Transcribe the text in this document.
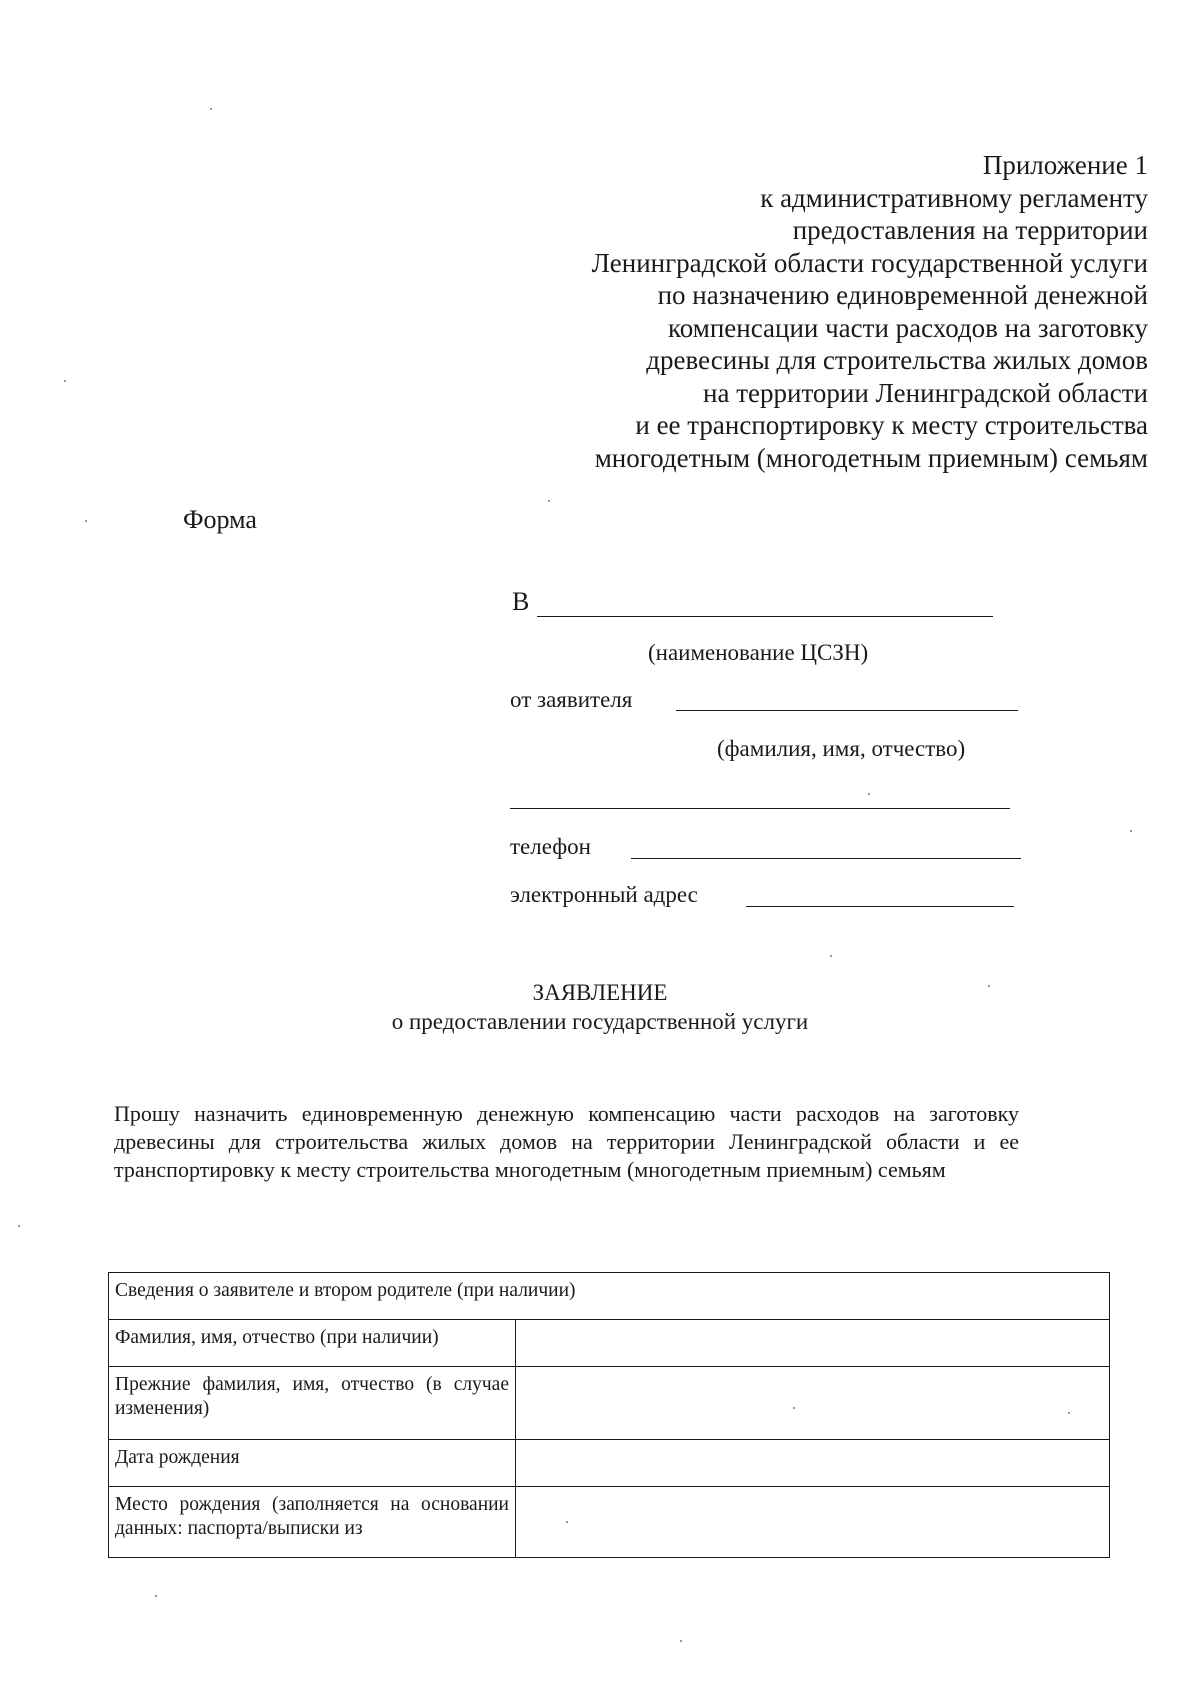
Приложение 1
к административному регламенту
предоставления на территории
Ленинградской области государственной услуги
по назначению единовременной денежной
компенсации части расходов на заготовку
древесины для строительства жилых домов
на территории Ленинградской области
и ее транспортировку к месту строительства
многодетным (многодетным приемным) семьям
Форма
В
(наименование ЦСЗН)
от заявителя
(фамилия, имя, отчество)
телефон
электронный адрес
ЗАЯВЛЕНИЕ
о предоставлении государственной услуги
Прошу назначить единовременную денежную компенсацию части расходов на заготовку древесины для строительства жилых домов на территории Ленинградской области и ее транспортировку к месту строительства многодетным (многодетным приемным) семьям
Сведения о заявителе и втором родителе (при наличии)	
Фамилия, имя, отчество (при наличии)	
Прежние фамилия, имя, отчество (в случае изменения)	
Дата рождения	
Место рождения (заполняется на основании данных: паспорта/выписки из	
